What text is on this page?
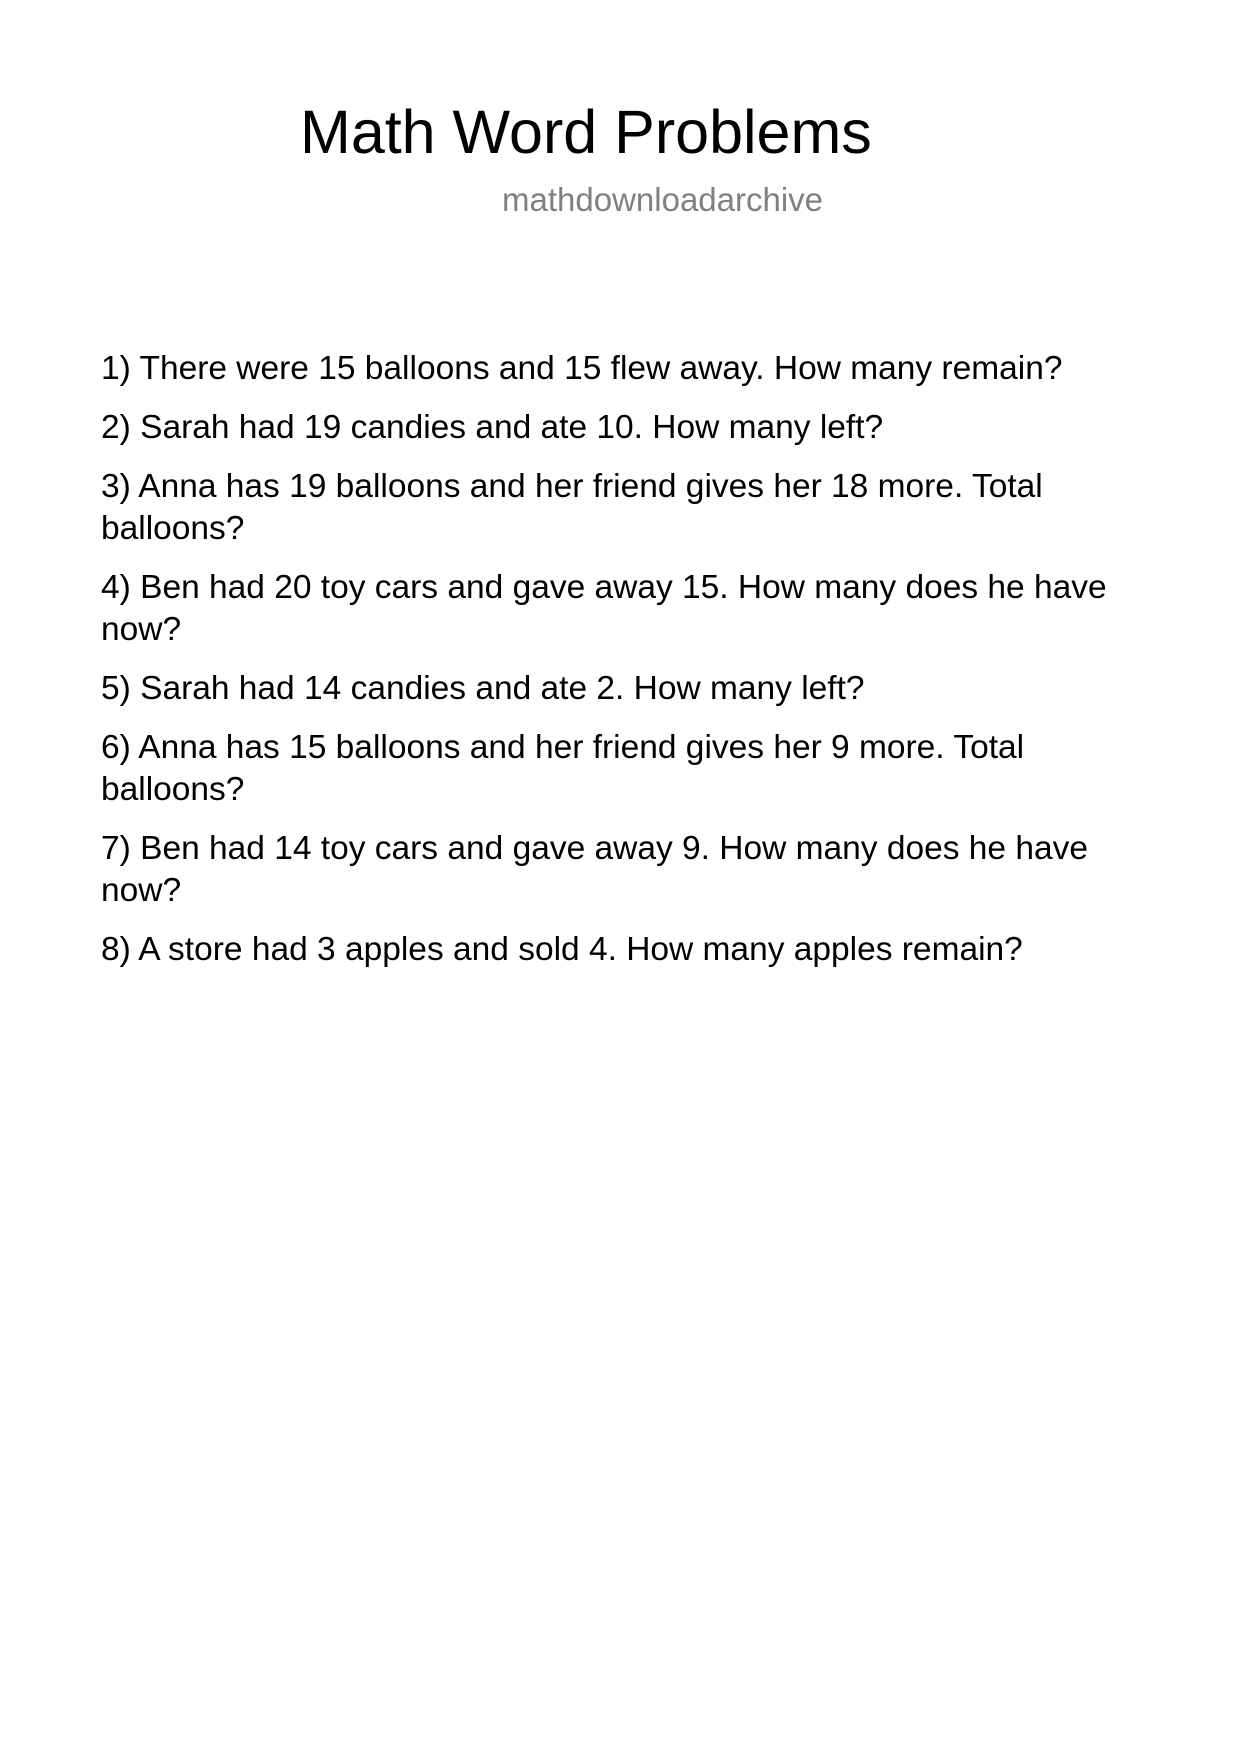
Math Word Problems
mathdownloadarchive
1) There were 15 balloons and 15 flew away. How many remain?
2) Sarah had 19 candies and ate 10. How many left?
3) Anna has 19 balloons and her friend gives her 18 more. Total balloons?
4) Ben had 20 toy cars and gave away 15. How many does he have now?
5) Sarah had 14 candies and ate 2. How many left?
6) Anna has 15 balloons and her friend gives her 9 more. Total balloons?
7) Ben had 14 toy cars and gave away 9. How many does he have now?
8) A store had 3 apples and sold 4. How many apples remain?
